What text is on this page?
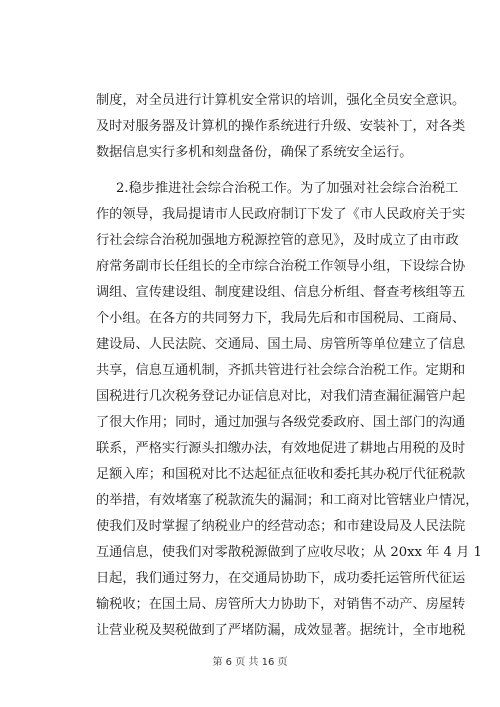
制度，对全员进行计算机安全常识的培训，强化全员安全意识。
及时对服务器及计算机的操作系统进行升级、安装补丁，对各类
数据信息实行多机和刻盘备份，确保了系统安全运行。
2.稳步推进社会综合治税工作。为了加强对社会综合治税工
作的领导，我局提请市人民政府制订下发了《市人民政府关于实
行社会综合治税加强地方税源控管的意见》，及时成立了由市政
府常务副市长任组长的全市综合治税工作领导小组，下设综合协
调组、宣传建设组、制度建设组、信息分析组、督查考核组等五
个小组。在各方的共同努力下，我局先后和市国税局、工商局、
建设局、人民法院、交通局、国土局、房管所等单位建立了信息
共享，信息互通机制，齐抓共管进行社会综合治税工作。定期和
国税进行几次税务登记办证信息对比，对我们清查漏征漏管户起
了很大作用；同时，通过加强与各级党委政府、国土部门的沟通
联系，严格实行源头扣缴办法，有效地促进了耕地占用税的及时
足额入库；和国税对比不达起征点征收和委托其办税厅代征税款
的举措，有效堵塞了税款流失的漏洞；和工商对比管辖业户情况，
使我们及时掌握了纳税业户的经营动态；和市建设局及人民法院
互通信息，使我们对零散税源做到了应收尽收；从 20xx 年 4 月 1
日起，我们通过努力，在交通局协助下，成功委托运管所代征运
输税收；在国土局、房管所大力协助下，对销售不动产、房屋转
让营业税及契税做到了严堵防漏，成效显著。据统计，全市地税
第 6 页 共 16 页
